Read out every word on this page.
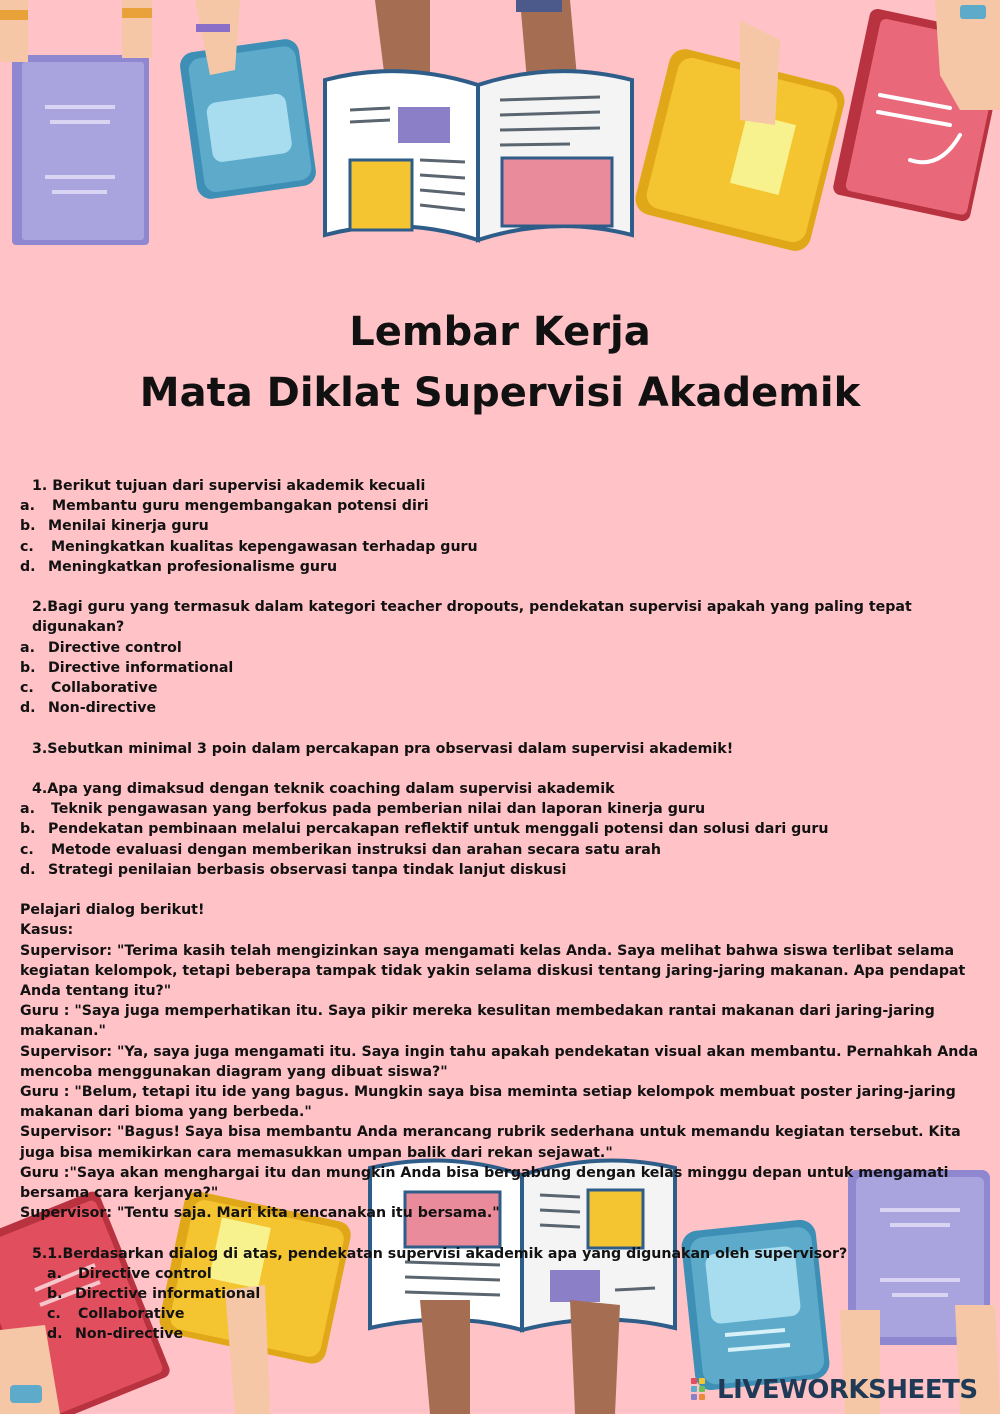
Lembar Kerja
Mata Diklat Supervisi Akademik
1. Berikut tujuan dari supervisi akademik kecuali
a.	Membantu guru mengembangakan potensi diri
b. Menilai kinerja guru
c.	Meningkatkan kualitas kepengawasan terhadap guru
d. Meningkatkan profesionalisme guru
2.Bagi guru yang termasuk dalam kategori teacher dropouts, pendekatan supervisi apakah yang paling tepat digunakan?
a. Directive control
b. Directive informational
c.	Collaborative
d. Non-directive
3.Sebutkan minimal 3 poin dalam percakapan pra observasi dalam supervisi akademik!
4.Apa yang dimaksud dengan teknik coaching dalam supervisi akademik
a.	Teknik pengawasan yang berfokus pada pemberian nilai dan laporan kinerja guru
b. Pendekatan pembinaan melalui percakapan reflektif untuk menggali potensi dan solusi dari guru
c.	Metode evaluasi dengan memberikan instruksi dan arahan secara satu arah
d. Strategi penilaian berbasis observasi tanpa tindak lanjut diskusi
Pelajari dialog berikut!
Kasus:
Supervisor: "Terima kasih telah mengizinkan saya mengamati kelas Anda. Saya melihat bahwa siswa terlibat selama kegiatan kelompok, tetapi beberapa tampak tidak yakin selama diskusi tentang jaring-jaring makanan. Apa pendapat Anda tentang itu?"
Guru : "Saya juga memperhatikan itu. Saya pikir mereka kesulitan membedakan rantai makanan dari jaring-jaring makanan."
Supervisor: "Ya, saya juga mengamati itu. Saya ingin tahu apakah pendekatan visual akan membantu. Pernahkah Anda mencoba menggunakan diagram yang dibuat siswa?"
Guru : "Belum, tetapi itu ide yang bagus. Mungkin saya bisa meminta setiap kelompok membuat poster jaring-jaring makanan dari bioma yang berbeda."
Supervisor: "Bagus! Saya bisa membantu Anda merancang rubrik sederhana untuk memandu kegiatan tersebut. Kita juga bisa memikirkan cara memasukkan umpan balik dari rekan sejawat."
Guru :"Saya akan menghargai itu dan mungkin Anda bisa bergabung dengan kelas minggu depan untuk mengamati bersama cara kerjanya?"
Supervisor: "Tentu saja. Mari kita rencanakan itu bersama."
5.1.Berdasarkan dialog di atas, pendekatan supervisi akademik apa yang digunakan oleh supervisor?
a.	Directive control
b. Directive informational
c.	Collaborative
d. Non-directive
LIVEWORKSHEETS
